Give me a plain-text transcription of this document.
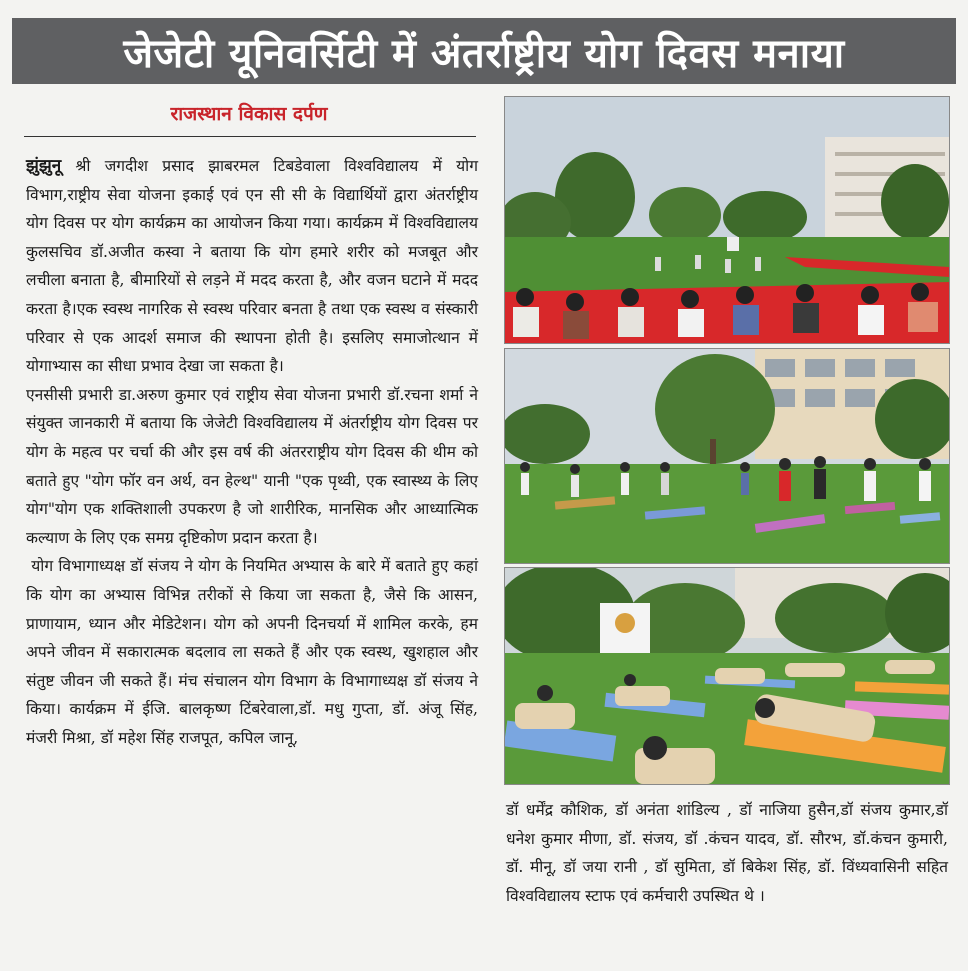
जेजेटी यूनिवर्सिटी में अंतर्राष्ट्रीय योग दिवस मनाया
राजस्थान विकास दर्पण

झुंझुनू श्री जगदीश प्रसाद झाबरमल टिबडेवाला विश्वविद्यालय में योग विभाग,राष्ट्रीय सेवा योजना इकाई एवं एन सी सी के विद्यार्थियों द्वारा अंतर्राष्ट्रीय योग दिवस पर योग कार्यक्रम का आयोजन किया गया। कार्यक्रम में विश्वविद्यालय कुलसचिव डॉ.अजीत कस्वा ने बताया कि योग हमारे शरीर को मजबूत और लचीला बनाता है, बीमारियों से लड़ने में मदद करता है, और वजन घटाने में मदद करता है।एक स्वस्थ नागरिक से स्वस्थ परिवार बनता है तथा एक स्वस्थ व संस्कारी परिवार से एक आदर्श समाज की स्थापना होती है। इसलिए समाजोत्थान में योगाभ्यास का सीधा प्रभाव देखा जा सकता है।

एनसीसी प्रभारी डा.अरुण कुमार एवं राष्ट्रीय सेवा योजना प्रभारी डॉ.रचना शर्मा ने संयुक्त जानकारी में बताया कि जेजेटी विश्वविद्यालय में अंतर्राष्ट्रीय योग दिवस पर योग के महत्व पर चर्चा की और इस वर्ष की अंतरराष्ट्रीय योग दिवस की थीम को बताते हुए "योग फॉर वन अर्थ, वन हेल्थ" यानी "एक पृथ्वी, एक स्वास्थ्य के लिए योग"योग एक शक्तिशाली उपकरण है जो शारीरिक, मानसिक और आध्यात्मिक कल्याण के लिए एक समग्र दृष्टिकोण प्रदान करता है।

योग विभागाध्यक्ष डॉ संजय ने योग के नियमित अभ्यास के बारे में बताते हुए कहां कि योग का अभ्यास विभिन्न तरीकों से किया जा सकता है, जैसे कि आसन, प्राणायाम, ध्यान और मेडिटेशन। योग को अपनी दिनचर्या में शामिल करके, हम अपने जीवन में सकारात्मक बदलाव ला सकते हैं और एक स्वस्थ, खुशहाल और संतुष्ट जीवन जी सकते हैं। मंच संचालन योग विभाग के विभागाध्यक्ष डॉ संजय ने किया। कार्यक्रम में ईजि. बालकृष्ण टिंबरेवाला,डॉ. मधु गुप्ता, डॉ. अंजू सिंह, मंजरी मिश्रा, डॉ महेश सिंह राजपूत, कपिल जानू,

डॉ धर्मेंद्र कौशिक, डॉ अनंता शांडिल्य , डॉ नाजिया हुसैन,डॉ संजय कुमार,डॉ धनेश कुमार मीणा, डॉ. संजय, डॉ .कंचन यादव, डॉ. सौरभ, डॉ.कंचन कुमारी, डॉ. मीनू, डॉ जया रानी , डॉ सुमिता, डॉ बिकेश सिंह, डॉ. विंध्यवासिनी सहित विश्वविद्यालय स्टाफ एवं कर्मचारी उपस्थित थे ।
